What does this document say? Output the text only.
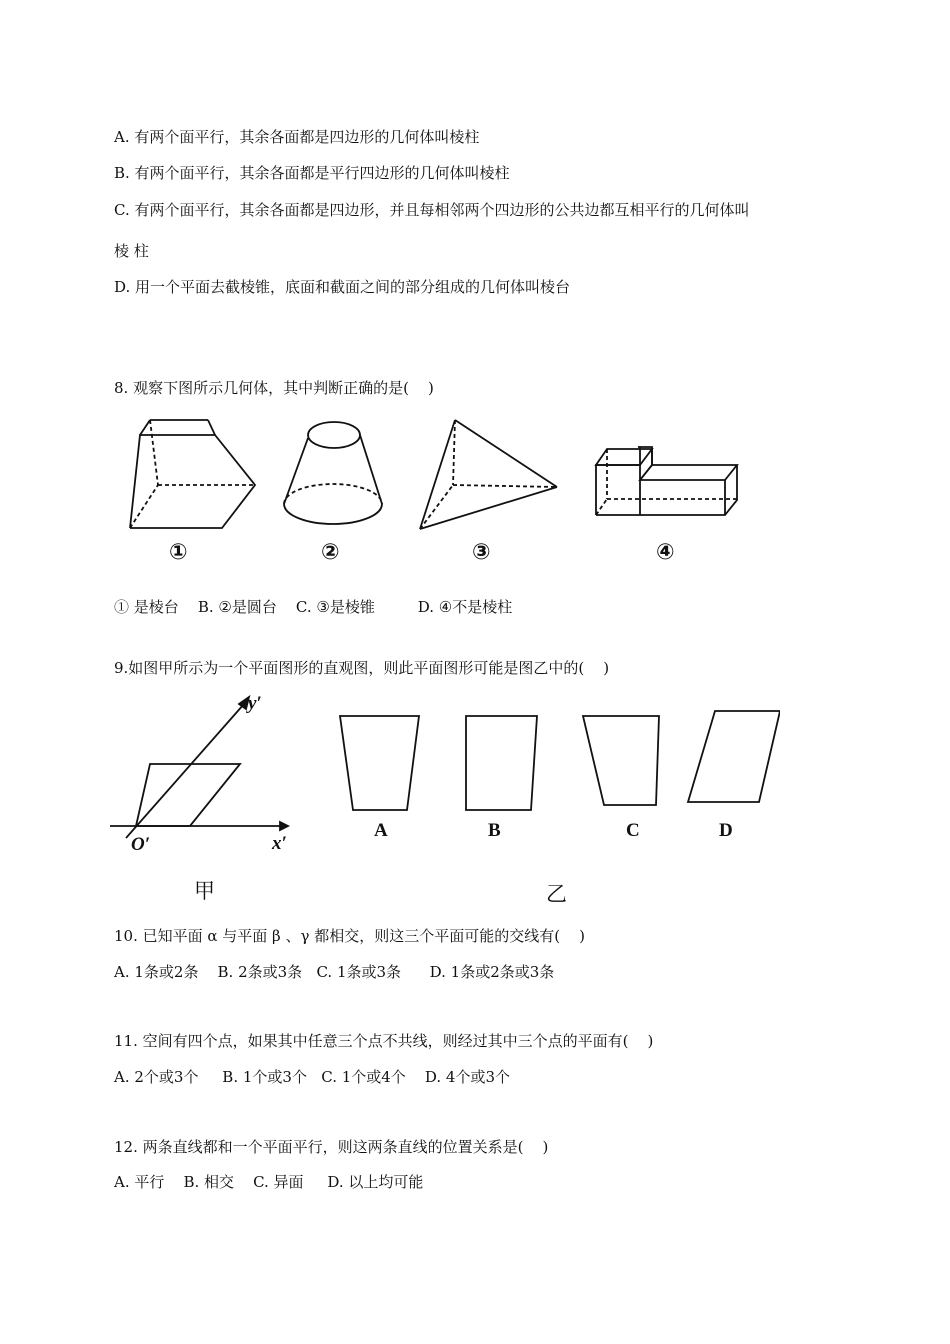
A. 有两个面平行，其余各面都是四边形的几何体叫棱柱
B. 有两个面平行，其余各面都是平行四边形的几何体叫棱柱
C. 有两个面平行，其余各面都是四边形，并且每相邻两个四边形的公共边都互相平行的几何体叫
棱 柱
D. 用一个平面去截棱锥，底面和截面之间的部分组成的几何体叫棱台
8. 观察下图所示几何体，其中判断正确的是(    )
①	②	③	④
① 是棱台    B. ②是圆台    C. ③是棱锥         D. ④不是棱柱
9.如图甲所示为一个平面图形的直观图，则此平面图形可能是图乙中的(    )
y′
x′
O′
A	B	C	D
甲	乙
10. 已知平面 α 与平面 β 、γ 都相交，则这三个平面可能的交线有(    )
A. 1条或2条    B. 2条或3条   C. 1条或3条      D. 1条或2条或3条
11. 空间有四个点，如果其中任意三个点不共线，则经过其中三个点的平面有(    )
A. 2个或3个     B. 1个或3个   C. 1个或4个    D. 4个或3个
12. 两条直线都和一个平面平行，则这两条直线的位置关系是(    )
A. 平行    B. 相交    C. 异面     D. 以上均可能
